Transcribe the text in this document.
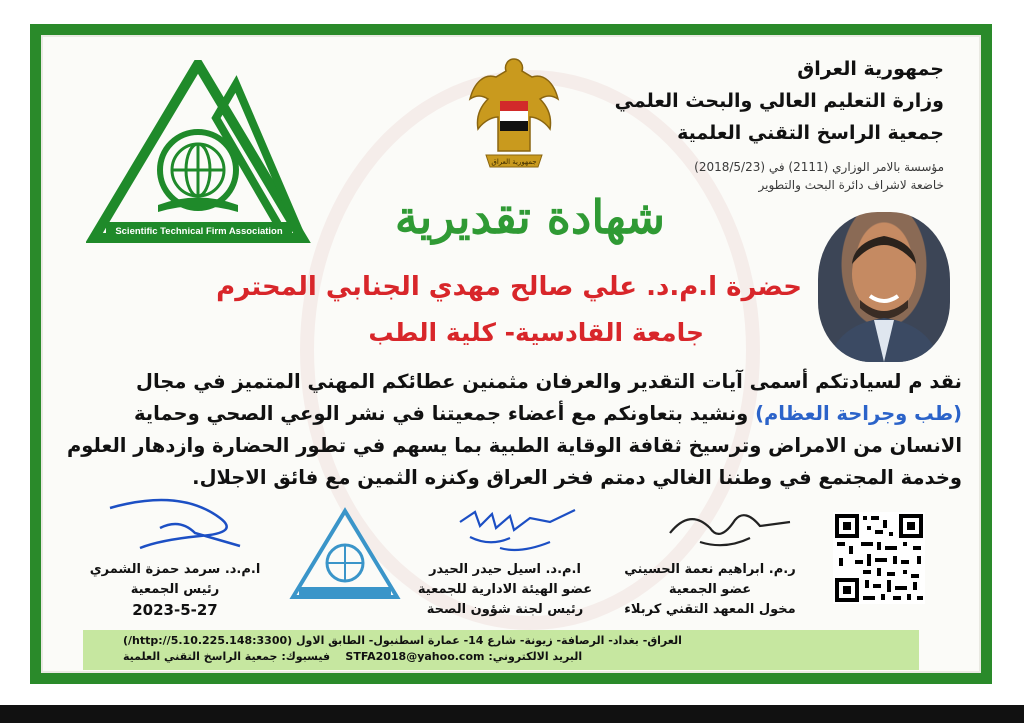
Scientific Technical Firm Association
جمهورية العراق
جمهورية العراق
وزارة التعليم العالي والبحث العلمي
جمعية الراسخ التقني العلمية
مؤسسة بالامر الوزاري (2111) في (2018/5/23)
خاضعة لاشراف دائرة البحث والتطوير
شهادة تقديرية
حضرة ا.م.د. علي صالح مهدي الجنابي المحترم
جامعة القادسية- كلية الطب
نقد م لسيادتكم أسمى آيات التقدير والعرفان مثمنين عطائكم المهني المتميز في مجال
(طب وجراحة العظام) ونشيد بتعاونكم مع أعضاء جمعيتنا في نشر الوعي الصحي وحماية
الانسان من الامراض وترسيخ ثقافة الوقاية الطبية بما يسهم في تطور الحضارة وازدهار العلوم
وخدمة المجتمع في وطننا الغالي دمتم فخر العراق وكنزه الثمين مع فائق الاجلال.
ا.م.د. سرمد حمزة الشمري
رئيس الجمعية
2023-5-27
ا.م.د. اسيل حيدر الحيدر
عضو الهيئة الادارية للجمعية
رئيس لجنة شؤون الصحة
ر.م. ابراهيم نعمة الحسيني
عضو الجمعية
مخول المعهد التقني كربلاء
العراق- بغداد- الرصافة- زيونة- شارع 14- عمارة اسطنبول- الطابق الاول (http://5.10.225.148:3300/)
البريد الالكتروني: STFA2018@yahoo.com    فيسبوك: جمعية الراسخ التقني العلمية
